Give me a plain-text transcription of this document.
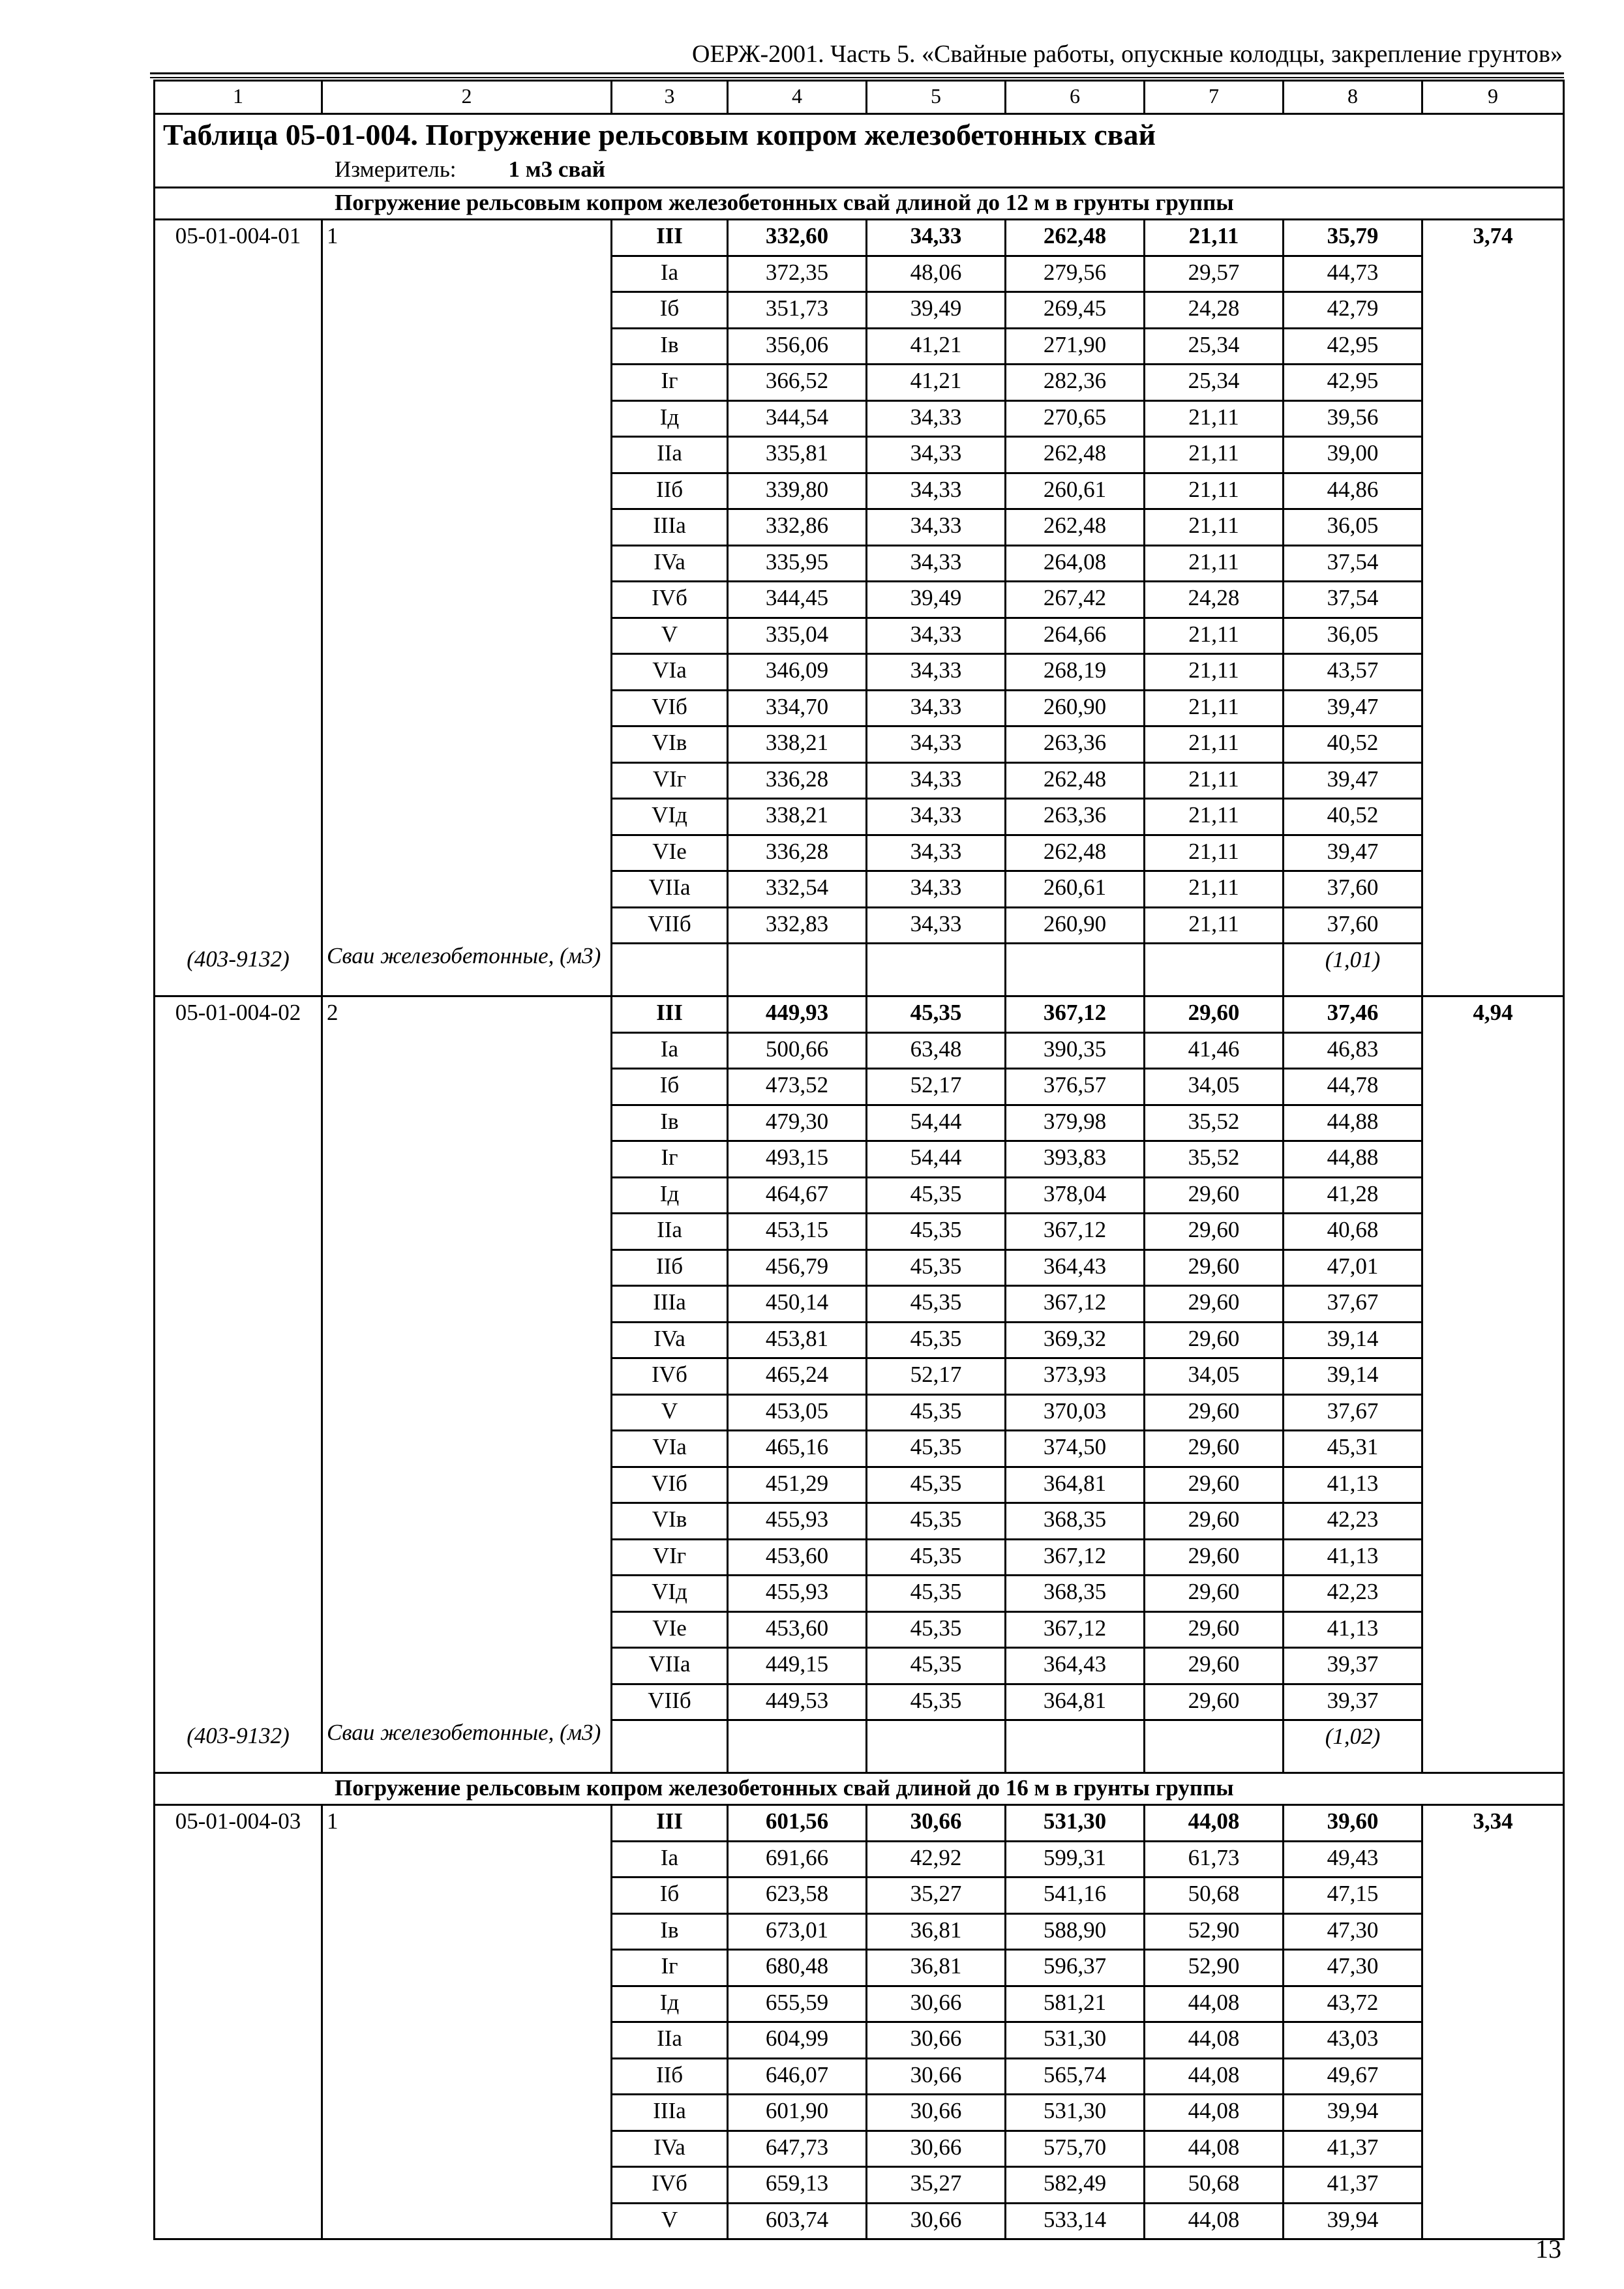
ОЕРЖ-2001. Часть 5. «Свайные работы, опускные колодцы, закрепление грунтов»
1	2	3	4	5	6	7	8	9

Таблица 05-01-004. Погружение рельсовым копром железобетонных свай
Измеритель: 1 м3 свай								

Погружение рельсовым копром железобетонных свай длиной до 12 м в грунты группы								
05-01-004-01	1	III	332,60	34,33	262,48	21,11	35,79	3,74
		Ia	372,35	48,06	279,56	29,57	44,73	
		Iб	351,73	39,49	269,45	24,28	42,79	
		Iв	356,06	41,21	271,90	25,34	42,95	
		Iг	366,52	41,21	282,36	25,34	42,95	
		Iд	344,54	34,33	270,65	21,11	39,56	
		IIa	335,81	34,33	262,48	21,11	39,00	
		IIб	339,80	34,33	260,61	21,11	44,86	
		IIIa	332,86	34,33	262,48	21,11	36,05	
		IVa	335,95	34,33	264,08	21,11	37,54	
		IVб	344,45	39,49	267,42	24,28	37,54	
		V	335,04	34,33	264,66	21,11	36,05	
		VIa	346,09	34,33	268,19	21,11	43,57	
		VIб	334,70	34,33	260,90	21,11	39,47	
		VIв	338,21	34,33	263,36	21,11	40,52	
		VIг	336,28	34,33	262,48	21,11	39,47	
		VIд	338,21	34,33	263,36	21,11	40,52	
		VIe	336,28	34,33	262,48	21,11	39,47	
		VIIa	332,54	34,33	260,61	21,11	37,60	
		VIIб	332,83	34,33	260,90	21,11	37,60	
(403-9132)	Сваи железобетонные, (м3)						(1,01)	
05-01-004-02	2	III	449,93	45,35	367,12	29,60	37,46	4,94
		Ia	500,66	63,48	390,35	41,46	46,83	
		Iб	473,52	52,17	376,57	34,05	44,78	
		Iв	479,30	54,44	379,98	35,52	44,88	
		Iг	493,15	54,44	393,83	35,52	44,88	
		Iд	464,67	45,35	378,04	29,60	41,28	
		IIa	453,15	45,35	367,12	29,60	40,68	
		IIб	456,79	45,35	364,43	29,60	47,01	
		IIIa	450,14	45,35	367,12	29,60	37,67	
		IVa	453,81	45,35	369,32	29,60	39,14	
		IVб	465,24	52,17	373,93	34,05	39,14	
		V	453,05	45,35	370,03	29,60	37,67	
		VIa	465,16	45,35	374,50	29,60	45,31	
		VIб	451,29	45,35	364,81	29,60	41,13	
		VIв	455,93	45,35	368,35	29,60	42,23	
		VIг	453,60	45,35	367,12	29,60	41,13	
		VIд	455,93	45,35	368,35	29,60	42,23	
		VIe	453,60	45,35	367,12	29,60	41,13	
		VIIa	449,15	45,35	364,43	29,60	39,37	
		VIIб	449,53	45,35	364,81	29,60	39,37	
(403-9132)	Сваи железобетонные, (м3)						(1,02)	
Погружение рельсовым копром железобетонных свай длиной до 16 м в грунты группы								
05-01-004-03	1	III	601,56	30,66	531,30	44,08	39,60	3,34
		Ia	691,66	42,92	599,31	61,73	49,43	
		Iб	623,58	35,27	541,16	50,68	47,15	
		Iв	673,01	36,81	588,90	52,90	47,30	
		Iг	680,48	36,81	596,37	52,90	47,30	
		Iд	655,59	30,66	581,21	44,08	43,72	
		IIa	604,99	30,66	531,30	44,08	43,03	
		IIб	646,07	30,66	565,74	44,08	49,67	
		IIIa	601,90	30,66	531,30	44,08	39,94	
		IVa	647,73	30,66	575,70	44,08	41,37	
		IVб	659,13	35,27	582,49	50,68	41,37	
		V	603,74	30,66	533,14	44,08	39,94	
13
